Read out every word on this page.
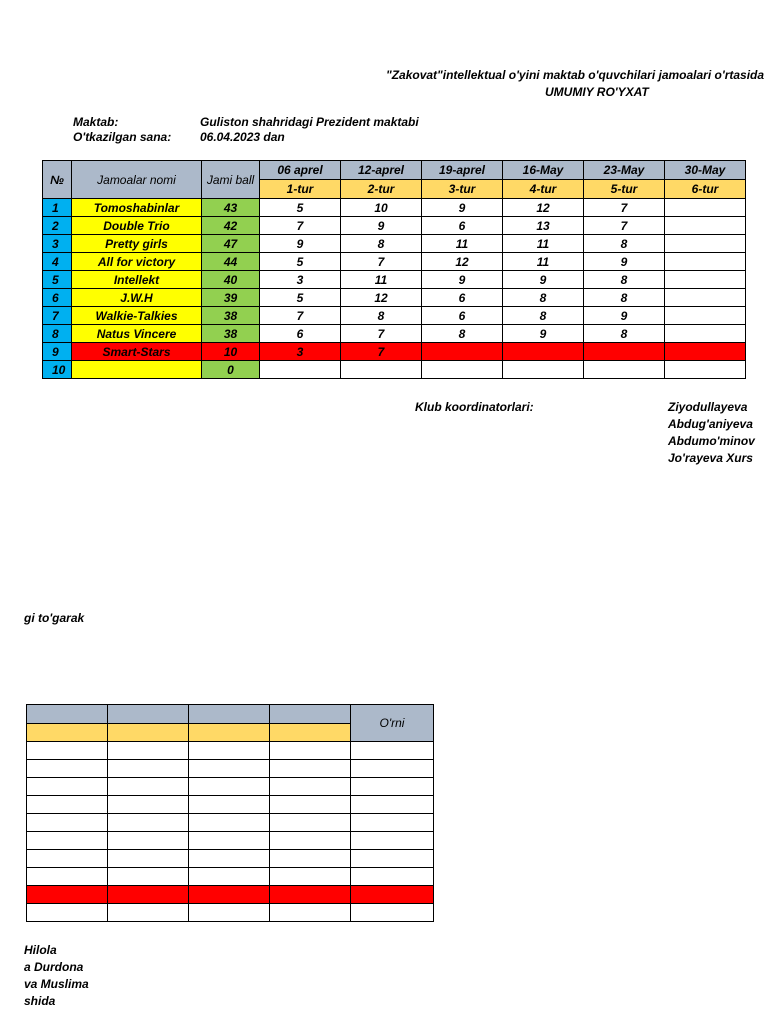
"Zakovat"intellektual o'yini maktab o'quvchilari jamoalari o'rtasida
UMUMIY RO'YXAT
Maktab:	Guliston shahridagi Prezident maktabi
O'tkazilgan sana: 06.04.2023 dan
№	Jamoalar nomi	Jami ball	06 aprel	12-aprel	19-aprel	16-May	23-May	30-May
			1-tur	2-tur	3-tur	4-tur	5-tur	6-tur
1	Tomoshabinlar	43	5	10	9	12	7	
2	Double Trio	42	7	9	6	13	7	
3	Pretty girls	47	9	8	11	11	8	
4	All for victory	44	5	7	12	11	9	
5	Intellekt	40	3	11	9	9	8	
6	J.W.H	39	5	12	6	8	8	
7	Walkie-Talkies	38	7	8	6	8	9	
8	Natus Vincere	38	6	7	8	9	8	
9	Smart-Stars	10	3	7				
10		0						
Klub koordinatorlari:	Ziyodullayeva
Abdug'aniyeva
Abdumo'minov
Jo'rayeva Xurs
gi to'garak
				O'rni

Hilola
a Durdona
va Muslima
shida
